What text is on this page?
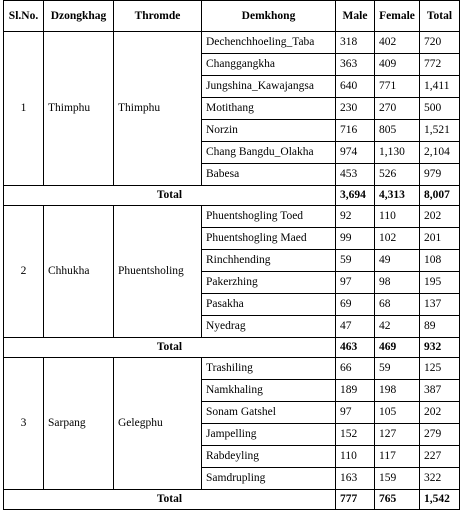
Sl.No.	Dzongkhag	Thromde	Demkhong	Male	Female	Total
1	Thimphu	Thimphu	Dechenchhoeling_Taba	318	402	720
			Changgangkha	363	409	772
			Jungshina_Kawajangsa	640	771	1,411
			Motithang	230	270	500
			Norzin	716	805	1,521
			Chang Bangdu_Olakha	974	1,130	2,104
			Babesa	453	526	979
Total				3,694	4,313	8,007
2	Chhukha	Phuentsholing	Phuentshogling Toed	92	110	202
			Phuentshogling Maed	99	102	201
			Rinchhending	59	49	108
			Pakerzhing	97	98	195
			Pasakha	69	68	137
			Nyedrag	47	42	89
Total				463	469	932
3	Sarpang	Gelegphu	Trashiling	66	59	125
			Namkhaling	189	198	387
			Sonam Gatshel	97	105	202
			Jampelling	152	127	279
			Rabdeyling	110	117	227
			Samdrupling	163	159	322
Total				777	765	1,542
